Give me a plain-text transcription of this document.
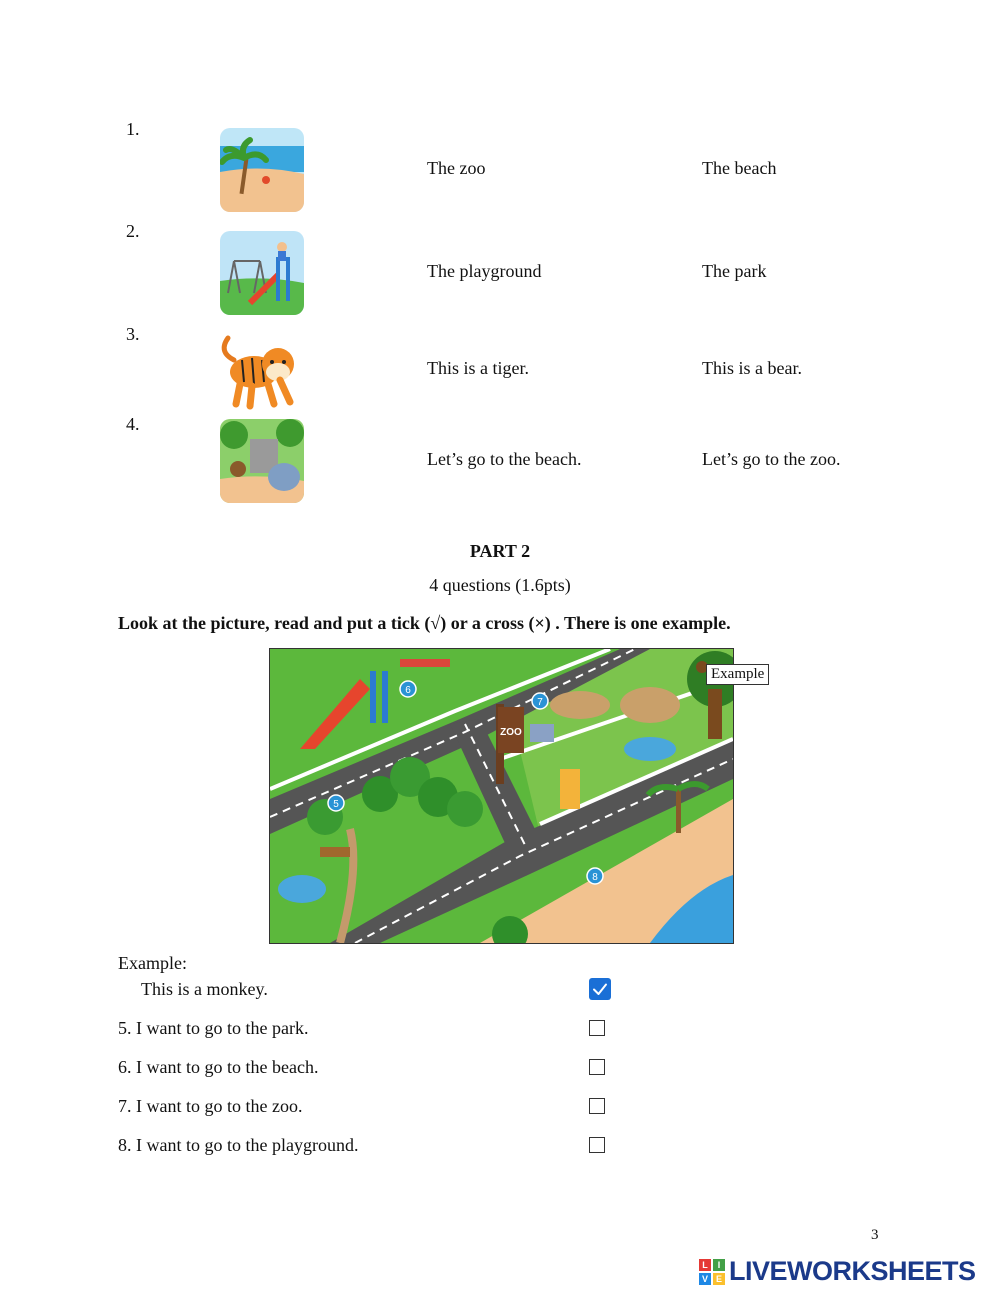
1.
The zoo	The beach
2.
The playground	The park
3.
This is a tiger.	This is a bear.
4.
Let’s go to the beach.	Let’s go to the zoo.
PART 2
4 questions (1.6pts)
Look at the picture, read and put a tick (√) or a cross (×) . There is one example.
ZOO
5
6
7
8
Example
Example:
This is a monkey.
5. I want to go to the park.
6. I want to go to the beach.
7. I want to go to the zoo.
8. I want to go to the playground.
3
L	I
V E LIVEWORKSHEETS
